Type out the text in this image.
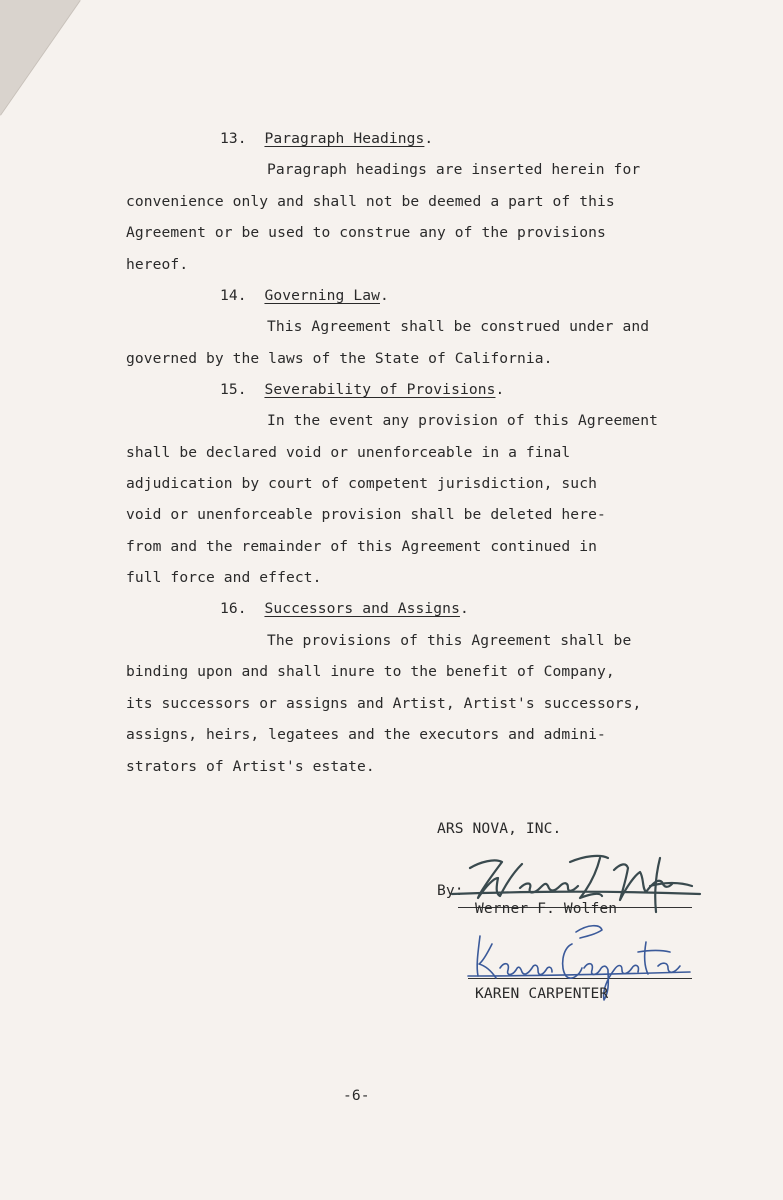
13. Paragraph Headings.
Paragraph headings are inserted herein for
convenience only and shall not be deemed a part of this
Agreement or be used to construe any of the provisions
hereof.
14. Governing Law.
This Agreement shall be construed under and
governed by the laws of the State of California.
15. Severability of Provisions.
In the event any provision of this Agreement
shall be declared void or unenforceable in a final
adjudication by court of competent jurisdiction, such
void or unenforceable provision shall be deleted here-
from and the remainder of this Agreement continued in
full force and effect.
16. Successors and Assigns.
The provisions of this Agreement shall be
binding upon and shall inure to the benefit of Company,
its successors or assigns and Artist, Artist's successors,
assigns, heirs, legatees and the executors and admini-
strators of Artist's estate.
ARS NOVA, INC.
By:
Werner F. Wolfen
KAREN CARPENTER
-6-
